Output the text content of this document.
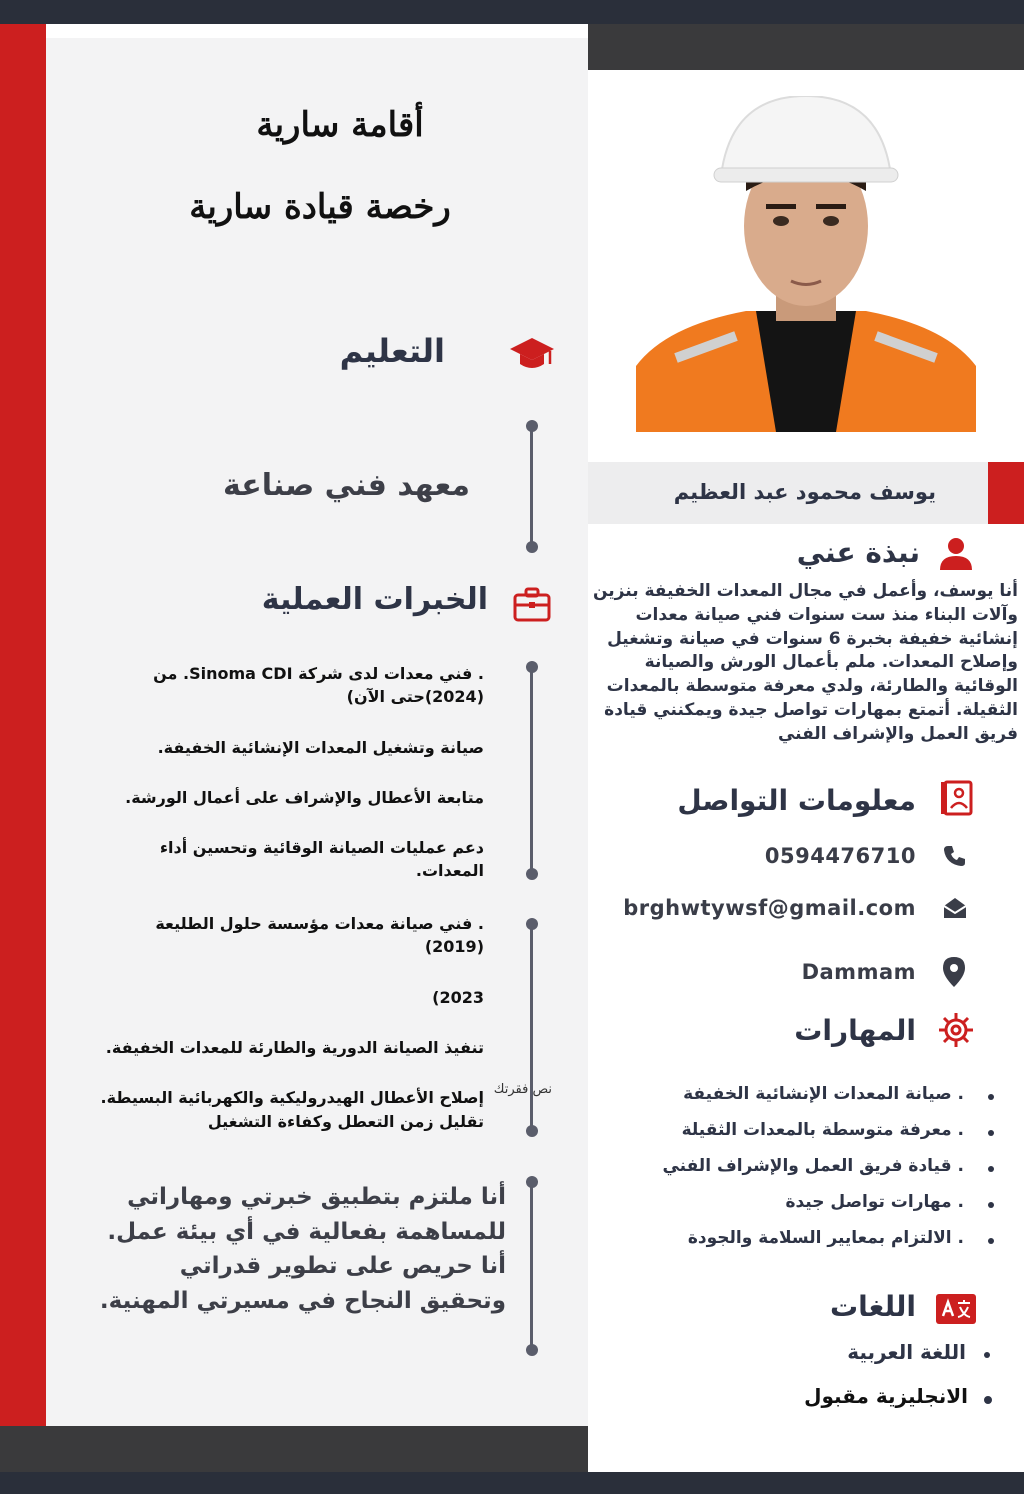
أقامة سارية
رخصة قيادة سارية
التعليم
معهد فني صناعة
الخبرات العملية
. فني معدات لدى شركة Sinoma CDI. من (2024)حتى الآن)
صيانة وتشغيل المعدات الإنشائية الخفيفة.
متابعة الأعطال والإشراف على أعمال الورشة.
دعم عمليات الصيانة الوقائية وتحسين أداء المعدات.
. فني صيانة معدات مؤسسة حلول الطليعة (2019)
2023)
تنفيذ الصيانة الدورية والطارئة للمعدات الخفيفة.
إصلاح الأعطال الهيدروليكية والكهربائية البسيطة.
تقليل زمن التعطل وكفاءة التشغيل
نص فقرتك
أنا ملتزم بتطبيق خبرتي ومهاراتي للمساهمة بفعالية في أي بيئة عمل. أنا حريص على تطوير قدراتي وتحقيق النجاح في مسيرتي المهنية.
يوسف محمود عبد العظيم
نبذة عني
أنا يوسف، وأعمل في مجال المعدات الخفيفة بنزين وآلات البناء منذ ست سنوات فني صيانة معدات إنشائية خفيفة بخبرة 6 سنوات في صيانة وتشغيل وإصلاح المعدات. ملم بأعمال الورش والصيانة الوقائية والطارئة، ولدي معرفة متوسطة بالمعدات الثقيلة. أتمتع بمهارات تواصل جيدة ويمكنني قيادة فريق العمل والإشراف الفني
معلومات التواصل
0594476710
brghwtywsf@gmail.com
Dammam
المهارات
. صيانة المعدات الإنشائية الخفيفة
. معرفة متوسطة بالمعدات الثقيلة
. قيادة فريق العمل والإشراف الفني
. مهارات تواصل جيدة
. الالتزام بمعايير السلامة والجودة
اللغات
اللغة العربية
الانجليزية مقبول
